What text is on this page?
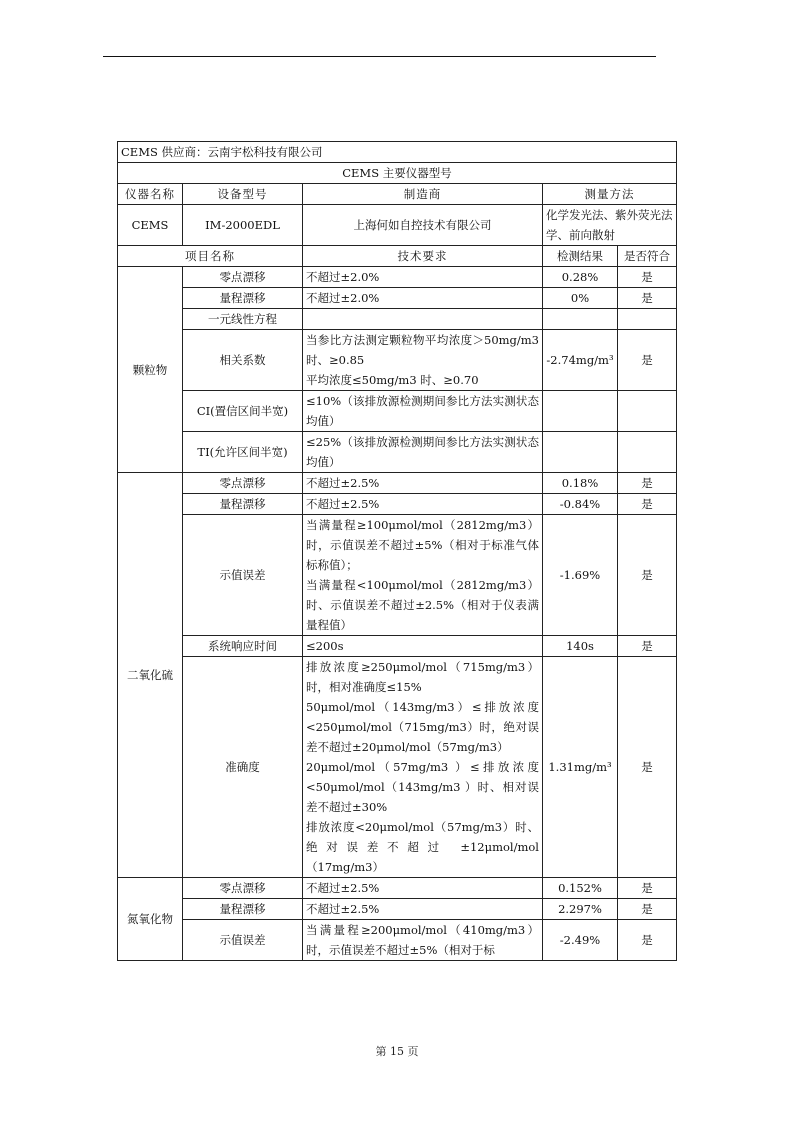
CEMS 供应商：云南宇松科技有限公司				
CEMS 主要仪器型号				
仪器名称	设备型号	制造商	测量方法	
CEMS	IM-2000EDL	上海何如自控技术有限公司	化学发光法、紫外荧光法学、前向散射	
项目名称		技术要求	检测结果	是否符合
颗粒物	零点漂移	不超过±2.0%	0.28%	是
	量程漂移	不超过±2.0%	0%	是
	一元线性方程			
	相关系数	当参比方法测定颗粒物平均浓度＞50mg/m3 时、≥0.85
平均浓度≤50mg/m3 时、≥0.70	-2.74mg/m³	是
	CI(置信区间半宽)	≤10%（该排放源检测期间参比方法实测状态均值）		
	TI(允许区间半宽)	≤25%（该排放源检测期间参比方法实测状态均值）		
二氧化硫	零点漂移	不超过±2.5%	0.18%	是
	量程漂移	不超过±2.5%	-0.84%	是
	示值误差	当满量程≥100μmol/mol（2812mg/m3）时，示值误差不超过±5%（相对于标准气体标称值）；
当满量程<100μmol/mol（2812mg/m3）时、示值误差不超过±2.5%（相对于仪表满量程值）	-1.69%	是
	系统响应时间	≤200s	140s	是
	准确度	排放浓度≥250μmol/mol（715mg/m3）时，相对准确度≤15%
50μmol/mol（143mg/m3）≤排放浓度<250μmol/mol（715mg/m3）时，绝对误差不超过±20μmol/mol（57mg/m3）
20μmol/mol（57mg/m3 ）≤排放浓度<50μmol/mol（143mg/m3 ）时、相对误差不超过±30%
排放浓度<20μmol/mol（57mg/m3）时、绝对误差不超过 ±12μmol/mol（17mg/m3）	1.31mg/m³	是
氮氧化物	零点漂移	不超过±2.5%	0.152%	是
	量程漂移	不超过±2.5%	2.297%	是
	示值误差	当满量程≥200μmol/mol（410mg/m3）时，示值误差不超过±5%（相对于标	-2.49%	是
第 15 页
